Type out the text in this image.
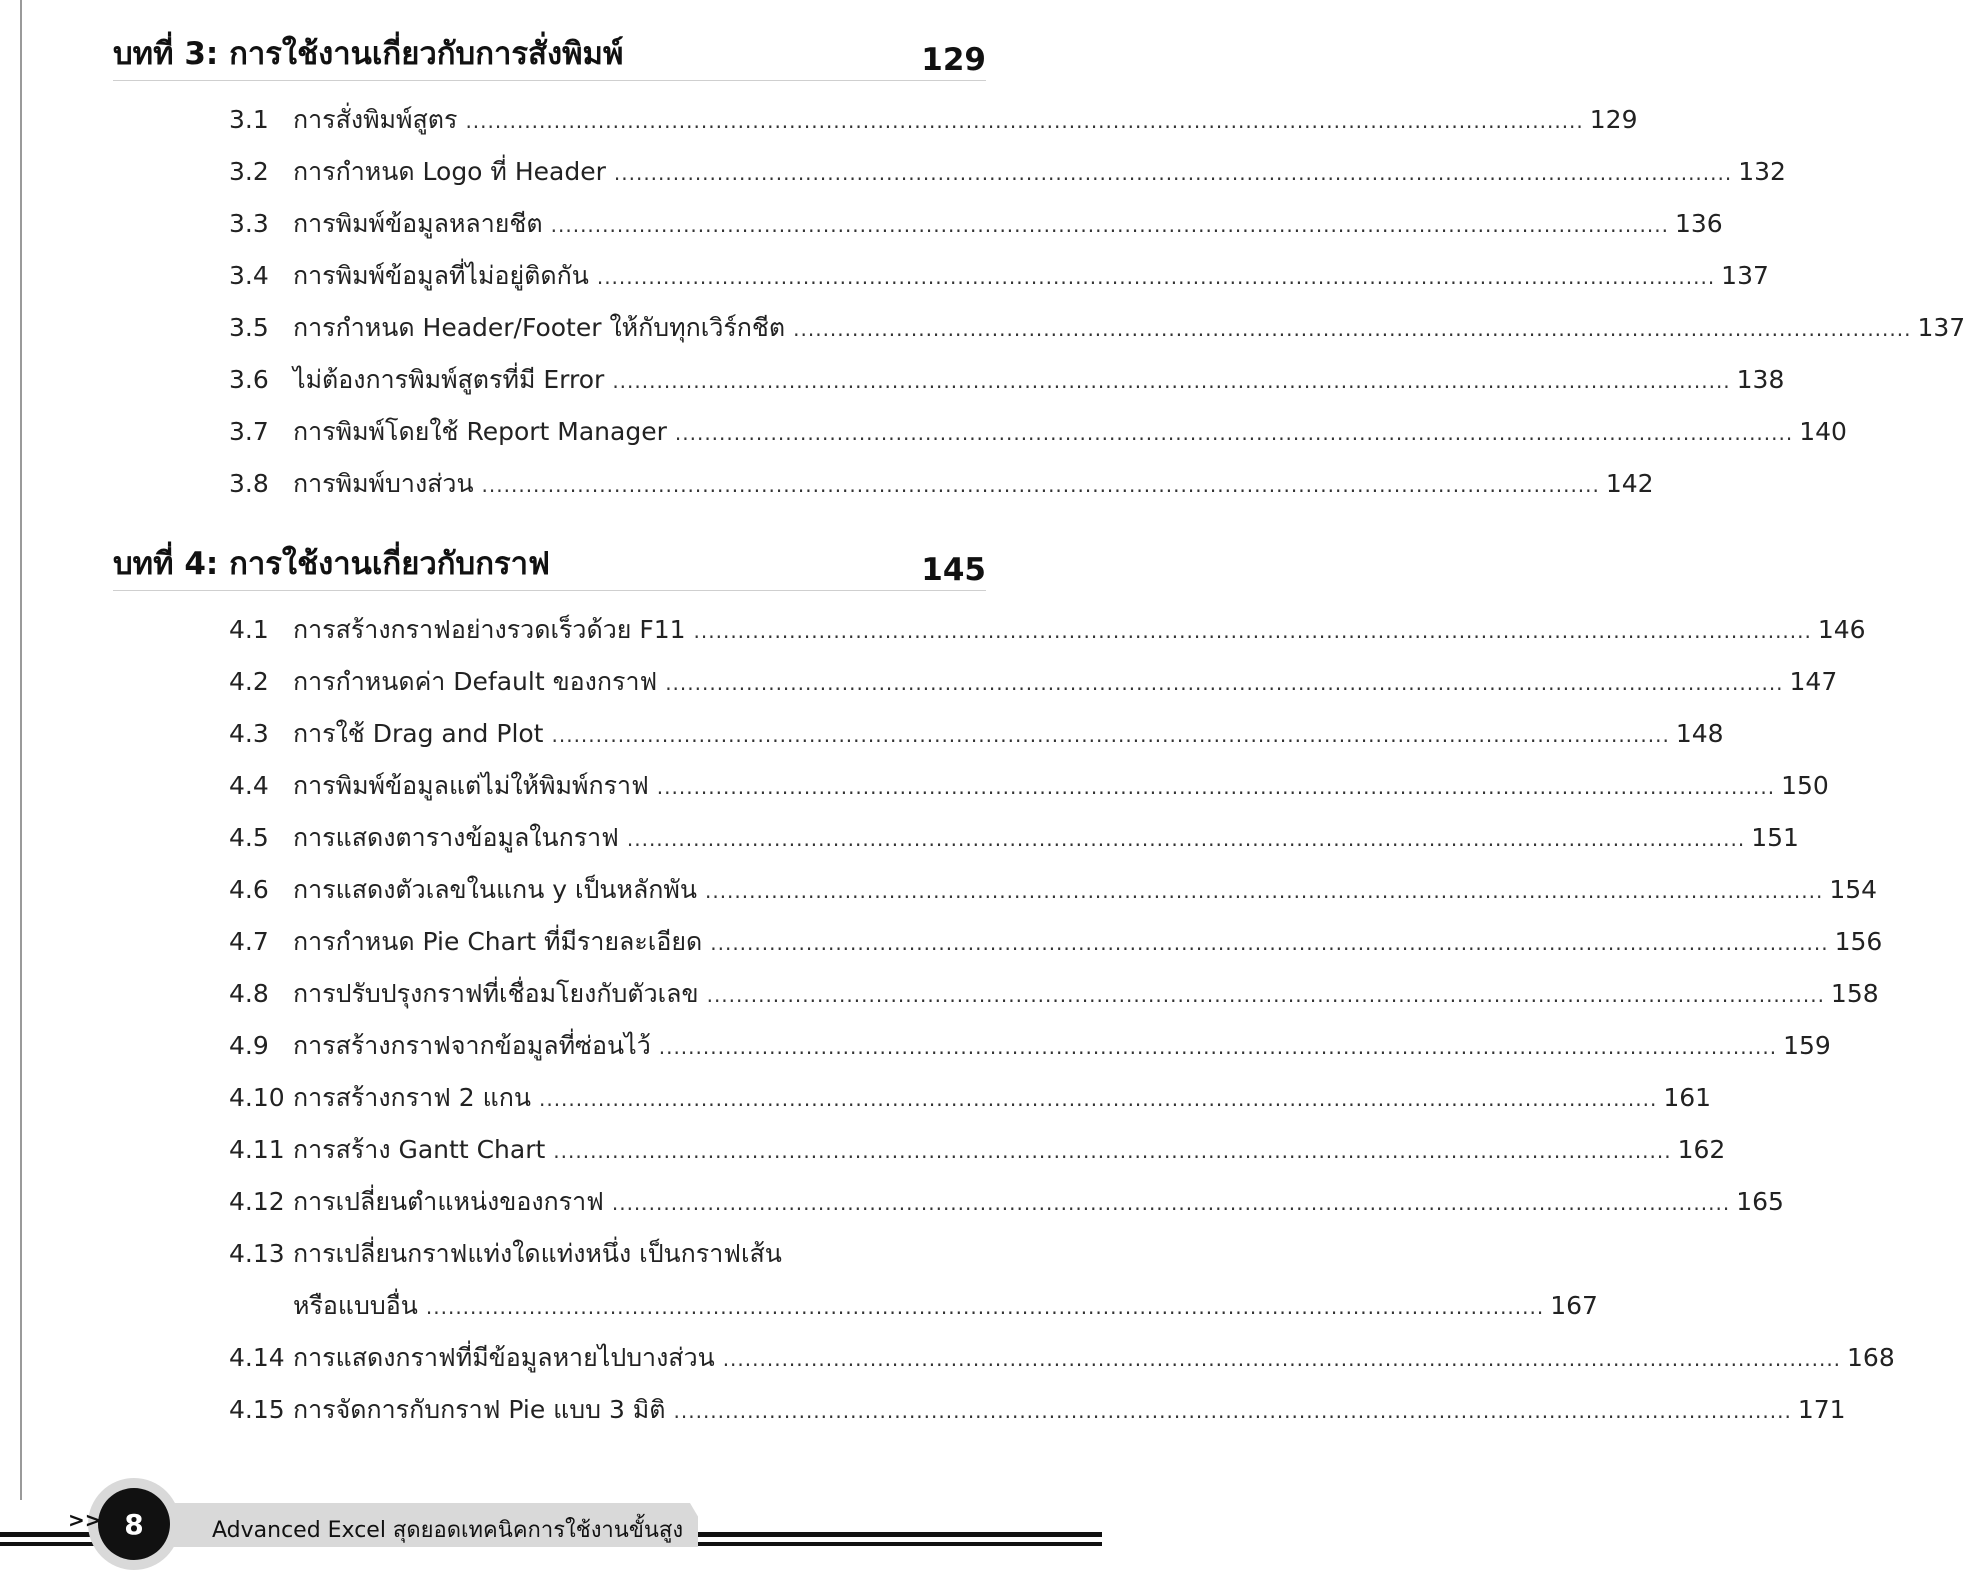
บทที่ 3: การใช้งานเกี่ยวกับการสั่งพิมพ์	129
3.1 การสั่งพิมพ์สูตร ........................................................................................................................................................ 129
3.2 การกำหนด Logo ที่ Header ........................................................................................................................................................ 132
3.3 การพิมพ์ข้อมูลหลายชีต ........................................................................................................................................................ 136
3.4 การพิมพ์ข้อมูลที่ไม่อยู่ติดกัน ........................................................................................................................................................ 137
3.5 การกำหนด Header/Footer ให้กับทุกเวิร์กชีต ........................................................................................................................................................ 137
3.6 ไม่ต้องการพิมพ์สูตรที่มี Error ........................................................................................................................................................ 138
3.7 การพิมพ์โดยใช้ Report Manager ........................................................................................................................................................ 140
3.8 การพิมพ์บางส่วน ........................................................................................................................................................ 142
บทที่ 4: การใช้งานเกี่ยวกับกราฟ	145
4.1 การสร้างกราฟอย่างรวดเร็วด้วย F11 ........................................................................................................................................................ 146
4.2 การกำหนดค่า Default ของกราฟ ........................................................................................................................................................ 147
4.3 การใช้ Drag and Plot ........................................................................................................................................................ 148
4.4 การพิมพ์ข้อมูลแต่ไม่ให้พิมพ์กราฟ ........................................................................................................................................................ 150
4.5 การแสดงตารางข้อมูลในกราฟ ........................................................................................................................................................ 151
4.6 การแสดงตัวเลขในแกน y เป็นหลักพัน ........................................................................................................................................................ 154
4.7 การกำหนด Pie Chart ที่มีรายละเอียด ........................................................................................................................................................ 156
4.8 การปรับปรุงกราฟที่เชื่อมโยงกับตัวเลข ........................................................................................................................................................ 158
4.9 การสร้างกราฟจากข้อมูลที่ซ่อนไว้ ........................................................................................................................................................ 159
4.10 การสร้างกราฟ 2 แกน ........................................................................................................................................................ 161
4.11 การสร้าง Gantt Chart ........................................................................................................................................................ 162
4.12 การเปลี่ยนตำแหน่งของกราฟ ........................................................................................................................................................ 165
4.13 การเปลี่ยนกราฟแท่งใดแท่งหนึ่ง เป็นกราฟเส้น
หรือแบบอื่น ........................................................................................................................................................ 167
4.14 การแสดงกราฟที่มีข้อมูลหายไปบางส่วน ........................................................................................................................................................ 168
4.15 การจัดการกับกราฟ Pie แบบ 3 มิติ ........................................................................................................................................................ 171
Advanced Excel สุดยอดเทคนิคการใช้งานขั้นสูง
8
>>
